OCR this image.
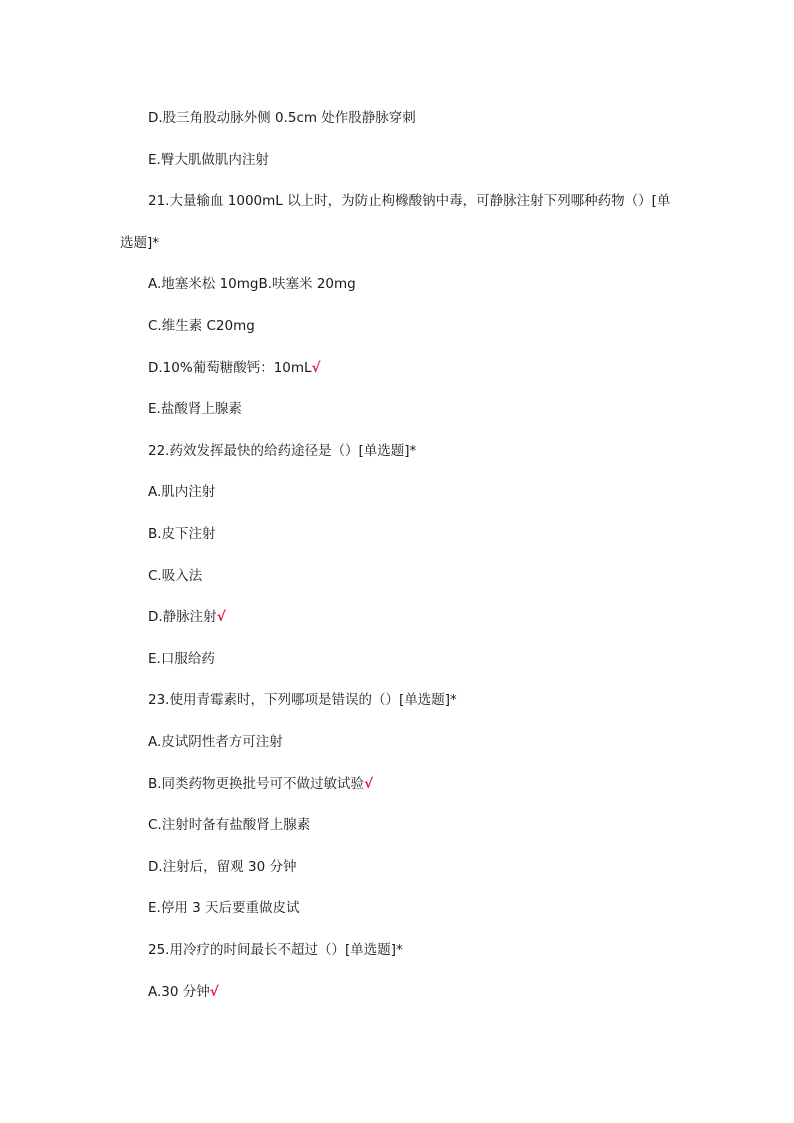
D.股三角股动脉外侧 0.5cm 处作股静脉穿刺
E.臀大肌做肌内注射
21.大量输血 1000mL 以上时，为防止枸橼酸钠中毒，可静脉注射下列哪种药物（）[单
选题]*
A.地塞米松 10mgB.呋塞米 20mg
C.维生素 C20mg
D.10%葡萄糖酸钙：10mL√
E.盐酸肾上腺素
22.药效发挥最快的给药途径是（）[单选题]*
A.肌内注射
B.皮下注射
C.吸入法
D.静脉注射√
E.口服给药
23.使用青霉素时，下列哪项是错误的（）[单选题]*
A.皮试阴性者方可注射
B.同类药物更换批号可不做过敏试验√
C.注射时备有盐酸肾上腺素
D.注射后，留观 30 分钟
E.停用 3 天后要重做皮试
25.用冷疗的时间最长不超过（）[单选题]*
A.30 分钟√
